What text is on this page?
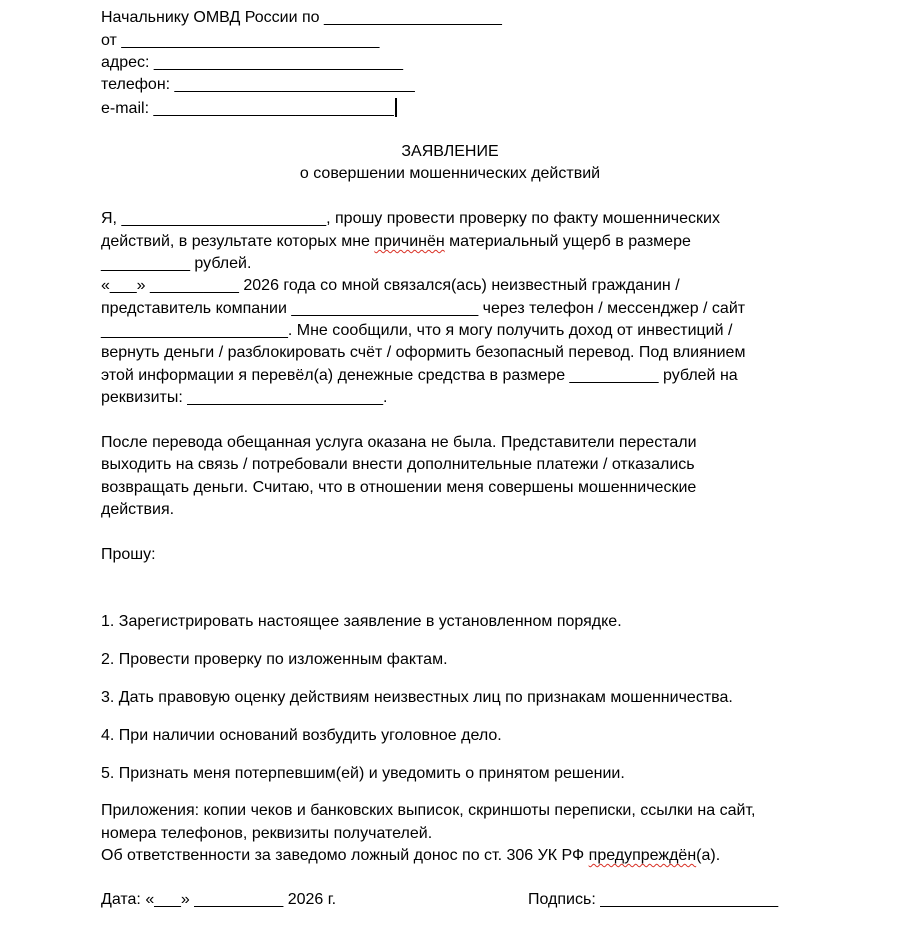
Начальнику ОМВД России по ____________________
от _____________________________
адрес: ____________________________
телефон: ___________________________
e-mail: ___________________________
ЗАЯВЛЕНИЕ
о совершении мошеннических действий
Я, _______________________, прошу провести проверку по факту мошеннических
действий, в результате которых мне причинён материальный ущерб в размере
__________ рублей.
«___» __________ 2026 года со мной связался(ась) неизвестный гражданин /
представитель компании _____________________ через телефон / мессенджер / сайт
_____________________. Мне сообщили, что я могу получить доход от инвестиций /
вернуть деньги / разблокировать счёт / оформить безопасный перевод. Под влиянием
этой информации я перевёл(а) денежные средства в размере __________ рублей на
реквизиты: ______________________.
После перевода обещанная услуга оказана не была. Представители перестали
выходить на связь / потребовали внести дополнительные платежи / отказались
возвращать деньги. Считаю, что в отношении меня совершены мошеннические
действия.
Прошу:
1. Зарегистрировать настоящее заявление в установленном порядке.
2. Провести проверку по изложенным фактам.
3. Дать правовую оценку действиям неизвестных лиц по признакам мошенничества.
4. При наличии оснований возбудить уголовное дело.
5. Признать меня потерпевшим(ей) и уведомить о принятом решении.
Приложения: копии чеков и банковских выписок, скриншоты переписки, ссылки на сайт,
номера телефонов, реквизиты получателей.
Об ответственности за заведомо ложный донос по ст. 306 УК РФ предупреждён(а).
Дата: «___» __________ 2026 г.	Подпись: ____________________
